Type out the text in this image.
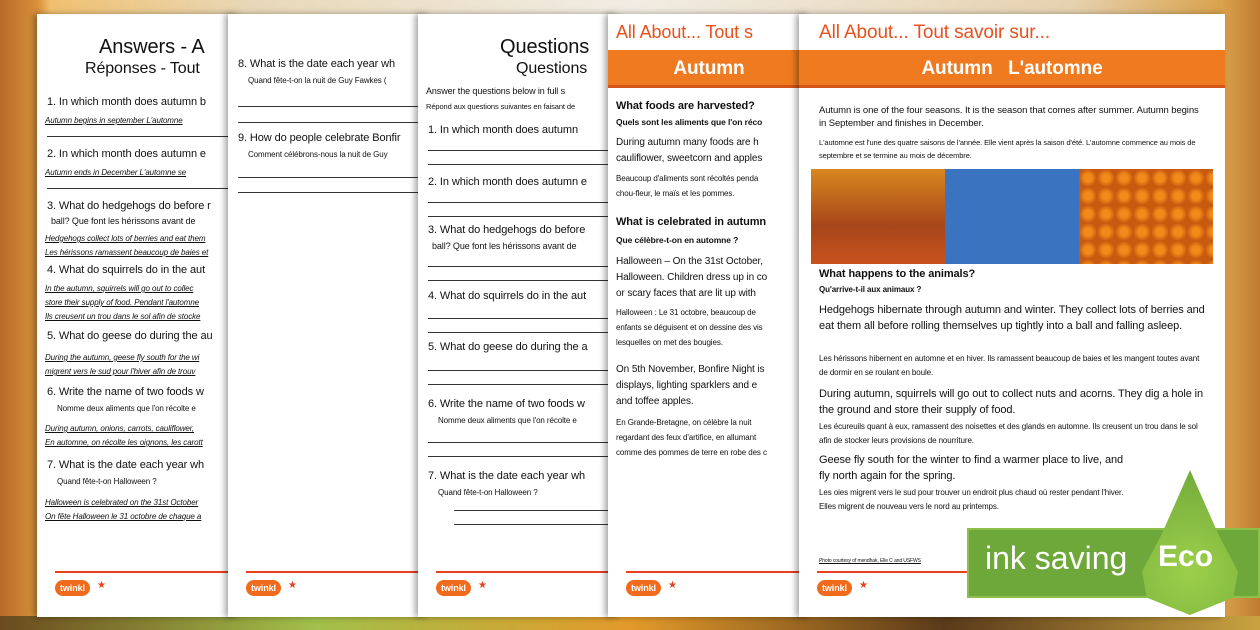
Answers - A
Réponses - Tout
1. In which month does autumn b
Autumn begins in september L'automne
2. In which month does autumn e
Autumn ends in December L'automne se
3. What do hedgehogs do before r
ball? Que font les hérissons avant de
Hedgehogs collect lots of berries and eat them
Les hérissons ramassent beaucoup de baies et
4. What do squirrels do in the aut
In the autumn, squirrels will go out to collec
store their supply of food. Pendant l'automne
Ils creusent un trou dans le sol afin de stocke
5. What do geese do during the au
During the autumn, geese fly south for the wi
migrent vers le sud pour l'hiver afin de trouv
6. Write the name of two foods w
Nomme deux aliments que l'on récolte e
During autumn, onions, carrots, cauliflower,
En automne, on récolte les oignons, les carott
7. What is the date each year wh
Quand fête-t-on Halloween ?
Halloween is celebrated on the 31st October
On fête Halloween le 31 octobre de chaque a
twinkl	★
8. What is the date each year wh
Quand fête-t-on la nuit de Guy Fawkes (
9. How do people celebrate Bonfir
Comment célébrons-nous la nuit de Guy
twinkl	★
Questions
Questions
Answer the questions below in full s
Répond aux questions suivantes en faisant de
1. In which month does autumn
2. In which month does autumn e
3. What do hedgehogs do before
ball? Que font les hérissons avant de
4. What do squirrels do in the aut
5. What do geese do during the a
6. Write the name of two foods w
Nomme deux aliments que l'on récolte e
7. What is the date each year wh
Quand fête-t-on Halloween ?
twinkl	★
All About... Tout s
Autumn
What foods are harvested?
Quels sont les aliments que l'on réco
During autumn many foods are h
cauliflower, sweetcorn and apples
Beaucoup d'aliments sont récoltés penda
chou-fleur, le maïs et les pommes.
What is celebrated in autumn
Que célèbre-t-on en automne ?
Halloween – On the 31st October,
Halloween. Children dress up in co
or scary faces that are lit up with
Halloween : Le 31 octobre, beaucoup de
enfants se déguisent et on dessine des vis
lesquelles on met des bougies.
On 5th November, Bonfire Night is
displays, lighting sparklers and e
and toffee apples.
En Grande-Bretagne, on célèbre la nuit
regardant des feux d'artifice, en allumant
comme des pommes de terre en robe des c
twinkl	★
All About... Tout savoir sur...
Autumn L'automne
Autumn is one of the four seasons. It is the season that comes after summer. Autumn begins in September and finishes in December.
L'automne est l'une des quatre saisons de l'année. Elle vient après la saison d'été. L'automne commence au mois de septembre et se termine au mois de décembre.
What happens to the animals?
Qu'arrive-t-il aux animaux ?
Hedgehogs hibernate through autumn and winter. They collect lots of berries and eat them all before rolling themselves up tightly into a ball and falling asleep.
Les hérissons hibernent en automne et en hiver. Ils ramassent beaucoup de baies et les mangent toutes avant de dormir en se roulant en boule.
During autumn, squirrels will go out to collect nuts and acorns. They dig a hole in the ground and store their supply of food.
Les écureuils quant à eux, ramassent des noisettes et des glands en automne. Ils creusent un trou dans le sol afin de stocker leurs provisions de nourriture.
Geese fly south for the winter to find a warmer place to live, and fly north again for the spring.
Les oies migrent vers le sud pour trouver un endroit plus chaud où rester pendant l'hiver. Elles migrent de nouveau vers le nord au printemps.
Photo courtesy of mendhak, Elle C and USFWS
twinkl	★
ink saving Eco
